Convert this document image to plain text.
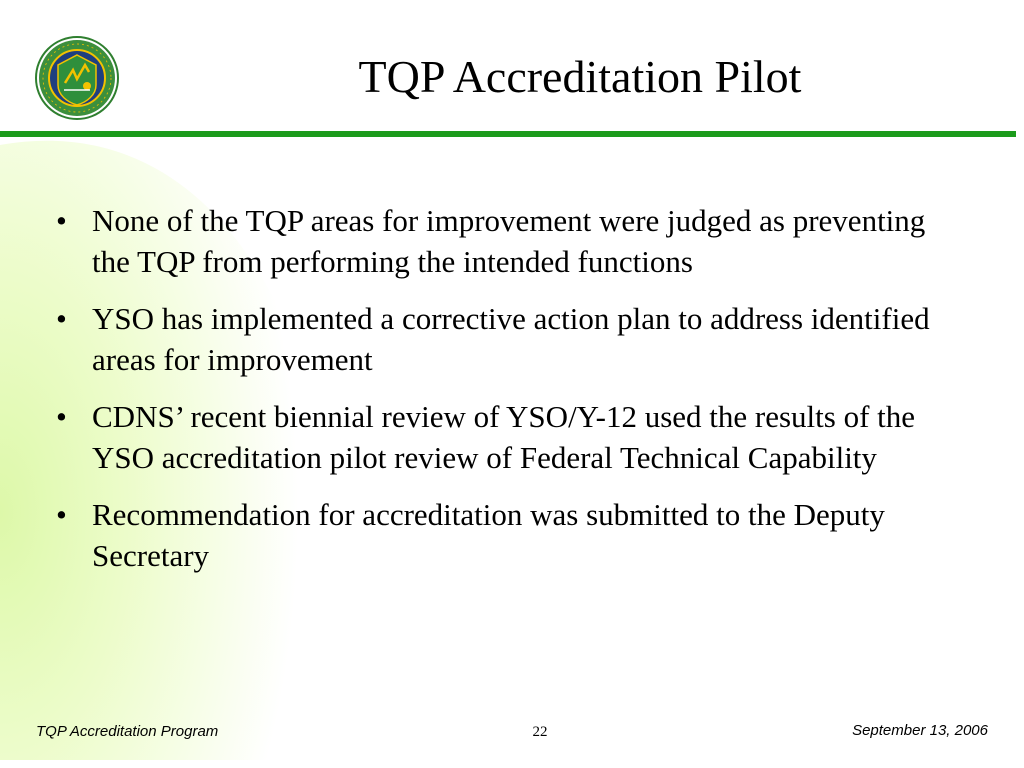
TQP Accreditation Pilot
• None of the TQP areas for improvement were judged as preventing the TQP from performing the intended functions
• YSO has implemented a corrective action plan to address identified areas for improvement
• CDNS’ recent biennial review of YSO/Y-12 used the results of the YSO accreditation pilot review of Federal Technical Capability
• Recommendation for accreditation was submitted to the Deputy Secretary
TQP Accreditation Program	22	September 13, 2006
